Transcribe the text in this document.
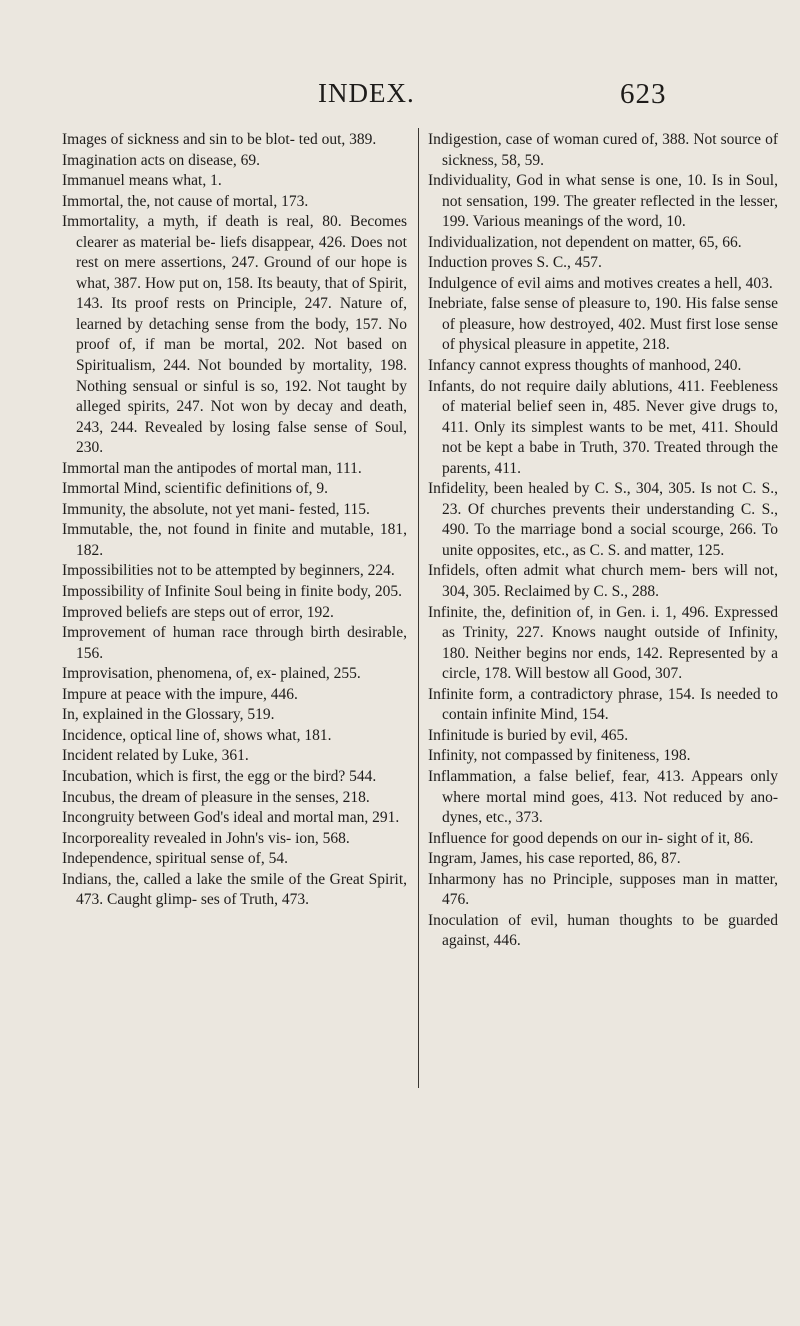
INDEX.	623

Images of sickness and sin to be blot- ted out, 389.

Imagination acts on disease, 69.

Immanuel means what, 1.

Immortal, the, not cause of mortal, 173.

Immortality, a myth, if death is real, 80. Becomes clearer as material be- liefs disappear, 426. Does not rest on mere assertions, 247. Ground of our hope is what, 387. How put on, 158. Its beauty, that of Spirit, 143. Its proof rests on Principle, 247. Nature of, learned by detaching sense from the body, 157. No proof of, if man be mortal, 202. Not based on Spiritualism, 244. Not bounded by mortality, 198. Nothing sensual or sinful is so, 192. Not taught by alleged spirits, 247. Not won by decay and death, 243, 244. Revealed by losing false sense of Soul, 230.

Immortal man the antipodes of mortal man, 111.

Immortal Mind, scientific definitions of, 9.

Immunity, the absolute, not yet mani- fested, 115.

Immutable, the, not found in finite and mutable, 181, 182.

Impossibilities not to be attempted by beginners, 224.

Impossibility of Infinite Soul being in finite body, 205.

Improved beliefs are steps out of error, 192.

Improvement of human race through birth desirable, 156.

Improvisation, phenomena, of, ex- plained, 255.

Impure at peace with the impure, 446.

In, explained in the Glossary, 519.

Incidence, optical line of, shows what, 181.

Incident related by Luke, 361.

Incubation, which is first, the egg or the bird? 544.

Incubus, the dream of pleasure in the senses, 218.

Incongruity between God's ideal and mortal man, 291.

Incorporeality revealed in John's vis- ion, 568.

Independence, spiritual sense of, 54.

Indians, the, called a lake the smile of the Great Spirit, 473. Caught glimp- ses of Truth, 473.

Indigestion, case of woman cured of, 388. Not source of sickness, 58, 59.

Individuality, God in what sense is one, 10. Is in Soul, not sensation, 199. The greater reflected in the lesser, 199. Various meanings of the word, 10.

Individualization, not dependent on matter, 65, 66.

Induction proves S. C., 457.

Indulgence of evil aims and motives creates a hell, 403.

Inebriate, false sense of pleasure to, 190. His false sense of pleasure, how destroyed, 402. Must first lose sense of physical pleasure in appetite, 218.

Infancy cannot express thoughts of manhood, 240.

Infants, do not require daily ablutions, 411. Feebleness of material belief seen in, 485. Never give drugs to, 411. Only its simplest wants to be met, 411. Should not be kept a babe in Truth, 370. Treated through the parents, 411.

Infidelity, been healed by C. S., 304, 305. Is not C. S., 23. Of churches prevents their understanding C. S., 490. To the marriage bond a social scourge, 266. To unite opposites, etc., as C. S. and matter, 125.

Infidels, often admit what church mem- bers will not, 304, 305. Reclaimed by C. S., 288.

Infinite, the, definition of, in Gen. i. 1, 496. Expressed as Trinity, 227. Knows naught outside of Infinity, 180. Neither begins nor ends, 142. Represented by a circle, 178. Will bestow all Good, 307.

Infinite form, a contradictory phrase, 154. Is needed to contain infinite Mind, 154.

Infinitude is buried by evil, 465.

Infinity, not compassed by finiteness, 198.

Inflammation, a false belief, fear, 413. Appears only where mortal mind goes, 413. Not reduced by ano- dynes, etc., 373.

Influence for good depends on our in- sight of it, 86.

Ingram, James, his case reported, 86, 87.

Inharmony has no Principle, supposes man in matter, 476.

Inoculation of evil, human thoughts to be guarded against, 446.
